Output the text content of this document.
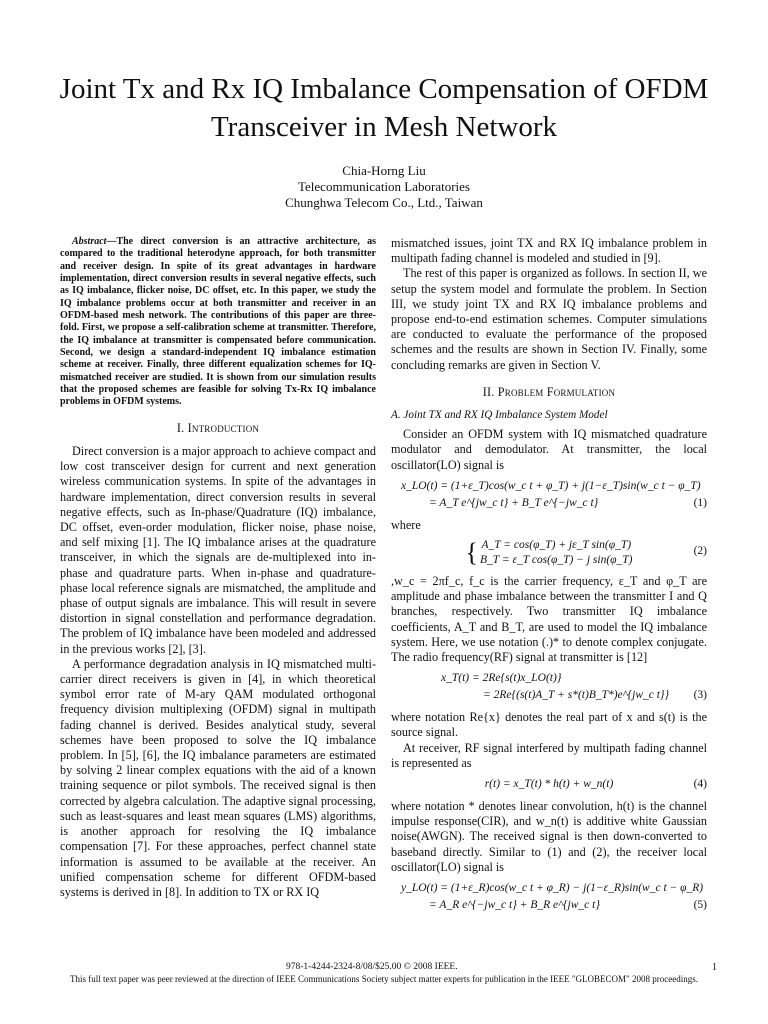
Joint Tx and Rx IQ Imbalance Compensation of OFDM Transceiver in Mesh Network
Chia-Horng Liu
Telecommunication Laboratories
Chunghwa Telecom Co., Ltd., Taiwan

Abstract—The direct conversion is an attractive architecture, as compared to the traditional heterodyne approach, for both transmitter and receiver design. In spite of its great advantages in hardware implementation, direct conversion results in several negative effects, such as IQ imbalance, flicker noise, DC offset, etc. In this paper, we study the IQ imbalance problems occur at both transmitter and receiver in an OFDM-based mesh network. The contributions of this paper are three-fold. First, we propose a self-calibration scheme at transmitter. Therefore, the IQ imbalance at transmitter is compensated before communication. Second, we design a standard-independent IQ imbalance estimation scheme at receiver. Finally, three different equalization schemes for IQ-mismatched receiver are studied. It is shown from our simulation results that the proposed schemes are feasible for solving Tx-Rx IQ imbalance problems in OFDM systems.

I. Introduction

Direct conversion is a major approach to achieve compact and low cost transceiver design for current and next generation wireless communication systems. In spite of the advantages in hardware implementation, direct conversion results in several negative effects, such as In-phase/Quadrature (IQ) imbalance, DC offset, even-order modulation, flicker noise, phase noise, and self mixing [1]. The IQ imbalance arises at the quadrature transceiver, in which the signals are de-multiplexed into in-phase and quadrature parts. When in-phase and quadrature-phase local reference signals are mismatched, the amplitude and phase of output signals are imbalance. This will result in severe distortion in signal constellation and performance degradation. The problem of IQ imbalance have been modeled and addressed in the previous works [2], [3].

A performance degradation analysis in IQ mismatched multi-carrier direct receivers is given in [4], in which theoretical symbol error rate of M-ary QAM modulated orthogonal frequency division multiplexing (OFDM) signal in multipath fading channel is derived. Besides analytical study, several schemes have been proposed to solve the IQ imbalance problem. In [5], [6], the IQ imbalance parameters are estimated by solving 2 linear complex equations with the aid of a known training sequence or pilot symbols. The received signal is then corrected by algebra calculation. The adaptive signal processing, such as least-squares and least mean squares (LMS) algorithms, is another approach for resolving the IQ imbalance compensation [7]. For these approaches, perfect channel state information is assumed to be available at the receiver. An unified compensation scheme for different OFDM-based systems is derived in [8]. In addition to TX or RX IQ

mismatched issues, joint TX and RX IQ imbalance problem in multipath fading channel is modeled and studied in [9].

The rest of this paper is organized as follows. In section II, we setup the system model and formulate the problem. In Section III, we study joint TX and RX IQ imbalance problems and propose end-to-end estimation schemes. Computer simulations are conducted to evaluate the performance of the proposed schemes and the results are shown in Section IV. Finally, some concluding remarks are given in Section V.

II. Problem Formulation
A. Joint TX and RX IQ Imbalance System Model

Consider an OFDM system with IQ mismatched quadrature modulator and demodulator. At transmitter, the local oscillator(LO) signal is

x_LO(t) = (1+ε_T)cos(w_c t + φ_T) + j(1−ε_T)sin(w_c t − φ_T)
= A_T e^{jw_c t} + B_T e^{−jw_c t}	(1)

where

{ A_T = cos(φ_T) + jε_T sin(φ_T)
B_T = ε_T cos(φ_T) − j sin(φ_T)
(2)

,w_c = 2πf_c, f_c is the carrier frequency, ε_T and φ_T are amplitude and phase imbalance between the transmitter I and Q branches, respectively. Two transmitter IQ imbalance coefficients, A_T and B_T, are used to model the IQ imbalance system. Here, we use notation (.)* to denote complex conjugate. The radio frequency(RF) signal at transmitter is [12]

x_T(t) = 2Re{s(t)x_LO(t)}
= 2Re{(s(t)A_T + s*(t)B_T*)e^{jw_c t}}	(3)

where notation Re{x} denotes the real part of x and s(t) is the source signal.

At receiver, RF signal interfered by multipath fading channel is represented as

r(t) = x_T(t) * h(t) + w_n(t)	(4)

where notation * denotes linear convolution, h(t) is the channel impulse response(CIR), and w_n(t) is additive white Gaussian noise(AWGN). The received signal is then down-converted to baseband directly. Similar to (1) and (2), the receiver local oscillator(LO) signal is

y_LO(t) = (1+ε_R)cos(w_c t + φ_R) − j(1−ε_R)sin(w_c t − φ_R)
= A_R e^{−jw_c t} + B_R e^{jw_c t}	(5)
978-1-4244-2324-8/08/$25.00 © 2008 IEEE.	1
This full text paper was peer reviewed at the direction of IEEE Communications Society subject matter experts for publication in the IEEE "GLOBECOM" 2008 proceedings.
